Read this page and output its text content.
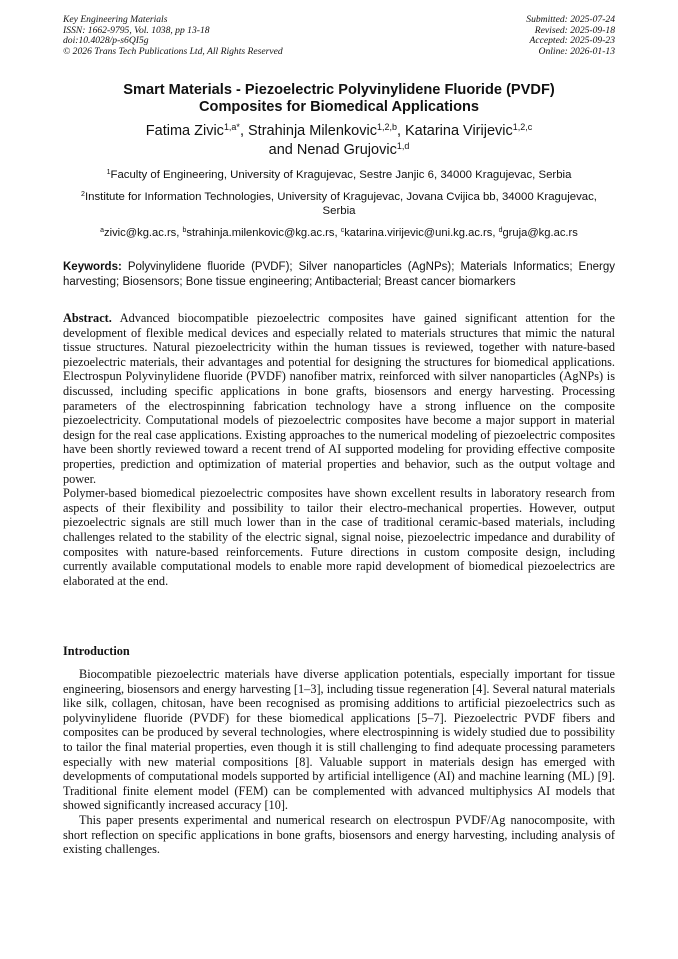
Key Engineering Materials
ISSN: 1662-9795, Vol. 1038, pp 13-18
doi:10.4028/p-s6QI5g
© 2026 Trans Tech Publications Ltd, All Rights Reserved
Submitted: 2025-07-24
Revised: 2025-09-18
Accepted: 2025-09-23
Online: 2026-01-13
Smart Materials - Piezoelectric Polyvinylidene Fluoride (PVDF)
Composites for Biomedical Applications
Fatima Zivic$^{1,a*}$, Strahinja Milenkovic$^{1,2,b}$, Katarina Virijevic$^{1,2,c}$
and Nenad Grujovic$^{1,d}$
$^1$Faculty of Engineering, University of Kragujevac, Sestre Janjic 6, 34000 Kragujevac, Serbia
$^2$Institute for Information Technologies, University of Kragujevac, Jovana Cvijica bb, 34000 Kragujevac, Serbia
$^a$zivic@kg.ac.rs, $^b$strahinja.milenkovic@kg.ac.rs, $^c$katarina.virijevic@uni.kg.ac.rs, $^d$gruja@kg.ac.rs
Keywords: Polyvinylidene fluoride (PVDF); Silver nanoparticles (AgNPs); Materials Informatics; Energy harvesting; Biosensors; Bone tissue engineering; Antibacterial; Breast cancer biomarkers

Abstract. Advanced biocompatible piezoelectric composites have gained significant attention for the development of flexible medical devices and especially related to materials structures that mimic the natural tissue structures. Natural piezoelectricity within the human tissues is reviewed, together with nature-based piezoelectric materials, their advantages and potential for designing the structures for biomedical applications. Electrospun Polyvinylidene fluoride (PVDF) nanofiber matrix, reinforced with silver nanoparticles (AgNPs) is discussed, including specific applications in bone grafts, biosensors and energy harvesting. Processing parameters of the electrospinning fabrication technology have a strong influence on the composite piezoelectricity. Computational models of piezoelectric composites have become a major support in material design for the real case applications. Existing approaches to the numerical modeling of piezoelectric composites have been shortly reviewed toward a recent trend of AI supported modeling for providing effective composite properties, prediction and optimization of material properties and behavior, such as the output voltage and power.

Polymer-based biomedical piezoelectric composites have shown excellent results in laboratory research from aspects of their flexibility and possibility to tailor their electro-mechanical properties. However, output piezoelectric signals are still much lower than in the case of traditional ceramic-based materials, including challenges related to the stability of the electric signal, signal noise, piezoelectric impedance and durability of composites with nature-based reinforcements. Future directions in custom composite design, including currently available computational models to enable more rapid development of biomedical piezoelectrics are elaborated at the end.

Introduction

Biocompatible piezoelectric materials have diverse application potentials, especially important for tissue engineering, biosensors and energy harvesting [1–3], including tissue regeneration [4]. Several natural materials like silk, collagen, chitosan, have been recognised as promising additions to artificial piezoelectrics such as polyvinylidene fluoride (PVDF) for these biomedical applications [5–7]. Piezoelectric PVDF fibers and composites can be produced by several technologies, where electrospinning is widely studied due to possibility to tailor the final material properties, even though it is still challenging to find adequate processing parameters especially with new material compositions [8]. Valuable support in materials design has emerged with developments of computational models supported by artificial intelligence (AI) and machine learning (ML) [9]. Traditional finite element model (FEM) can be complemented with advanced multiphysics AI models that showed significantly increased accuracy [10].

This paper presents experimental and numerical research on electrospun PVDF/Ag nanocomposite, with short reflection on specific applications in bone grafts, biosensors and energy harvesting, including analysis of existing challenges.
